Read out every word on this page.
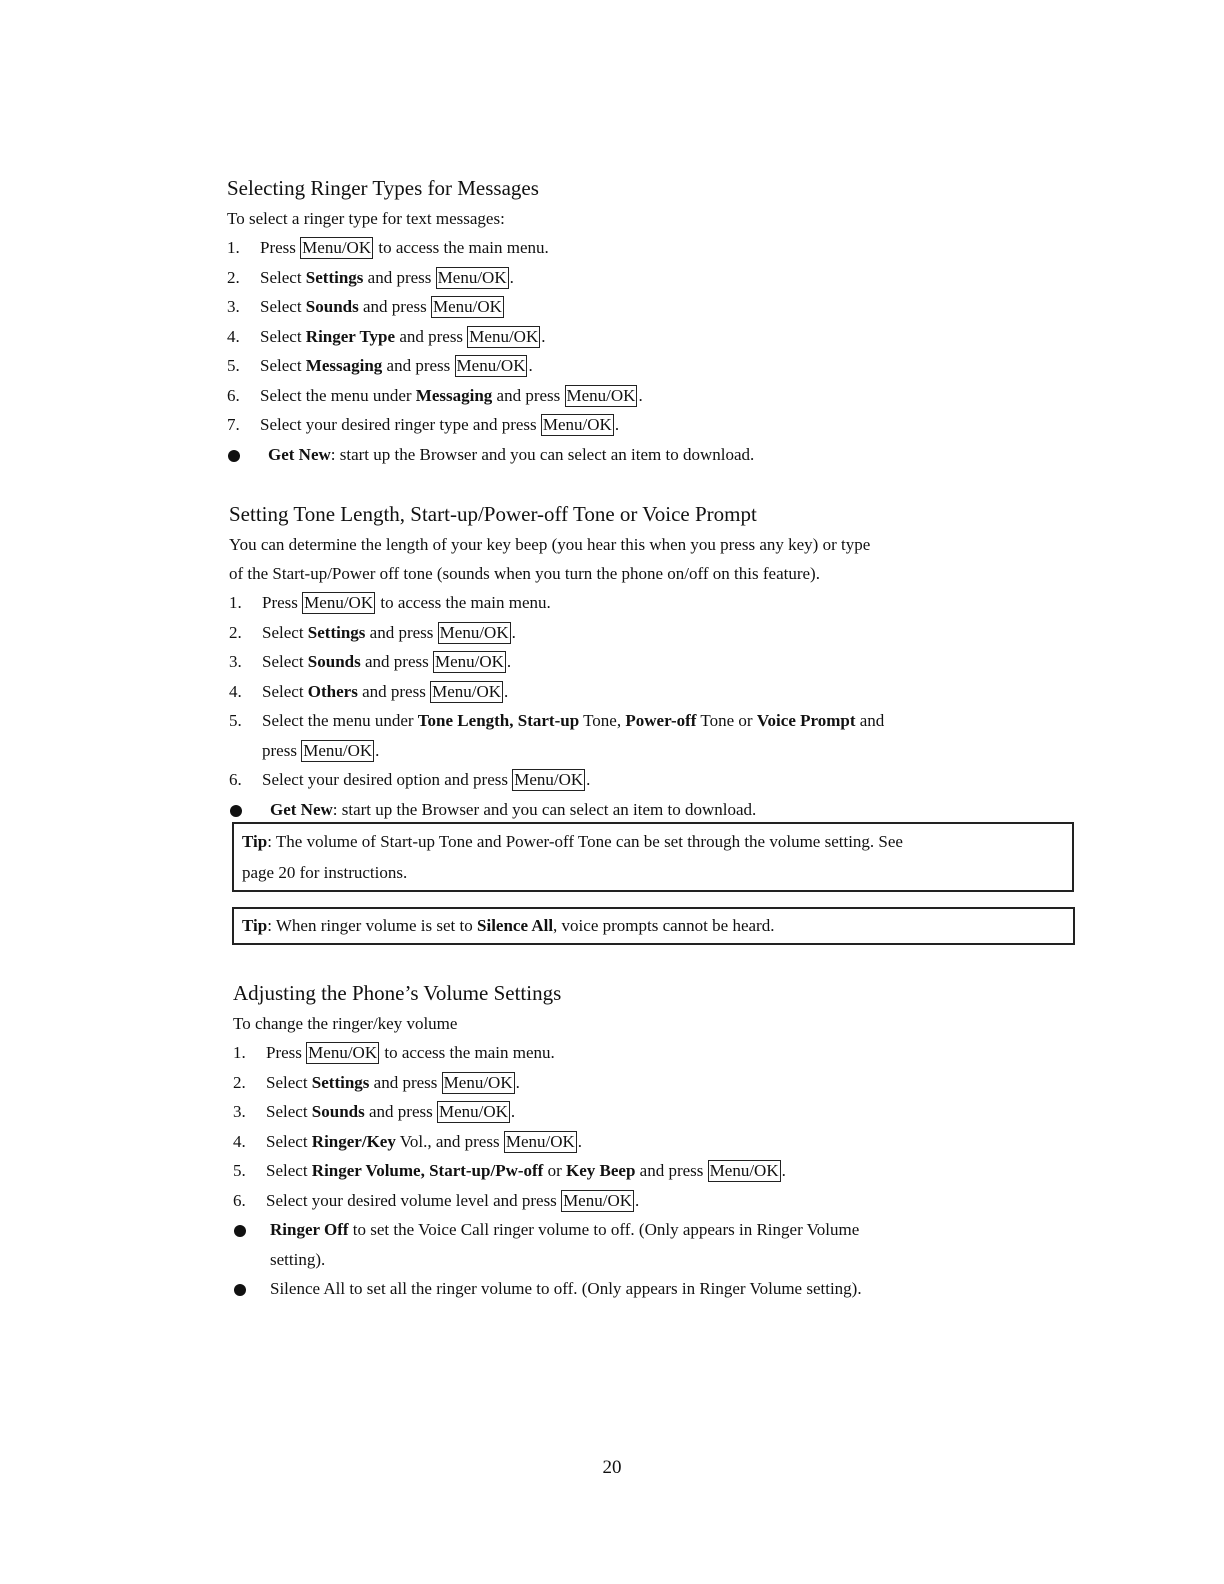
Selecting Ringer Types for Messages

To select a ringer type for text messages:

1.	Press Menu/OK to access the main menu.
2.	Select Settings and press Menu/OK .
3.	Select Sounds and press Menu/OK
4.	Select Ringer Type and press Menu/OK .
5.	Select Messaging and press Menu/OK .
6.	Select the menu under Messaging and press Menu/OK .
7.	Select your desired ringer type and press Menu/OK .
Get New: start up the Browser and you can select an item to download.
Setting Tone Length, Start-up/Power-off Tone or Voice Prompt

You can determine the length of your key beep (you hear this when you press any key) or type

of the Start-up/Power off tone (sounds when you turn the phone on/off on this feature).

1.	Press Menu/OK to access the main menu.
2.	Select Settings and press Menu/OK .
3.	Select Sounds and press Menu/OK .
4.	Select Others and press Menu/OK .
5.	Select the menu under Tone Length, Start-up Tone, Power-off Tone or Voice Prompt and
press Menu/OK .
6.	Select your desired option and press Menu/OK .
Get New: start up the Browser and you can select an item to download.
Tip: The volume of Start-up Tone and Power-off Tone can be set through the volume setting. See
page 20 for instructions.
Tip: When ringer volume is set to Silence All, voice prompts cannot be heard.
Adjusting the Phone’s Volume Settings

To change the ringer/key volume

1.	Press Menu/OK to access the main menu.
2.	Select Settings and press Menu/OK .
3.	Select Sounds and press Menu/OK .
4.	Select Ringer/Key Vol., and press Menu/OK .
5.	Select Ringer Volume, Start-up/Pw-off or Key Beep and press Menu/OK .
6.	Select your desired volume level and press Menu/OK .
Ringer Off to set the Voice Call ringer volume to off. (Only appears in Ringer Volume
setting).
Silence All to set all the ringer volume to off. (Only appears in Ringer Volume setting).
20
